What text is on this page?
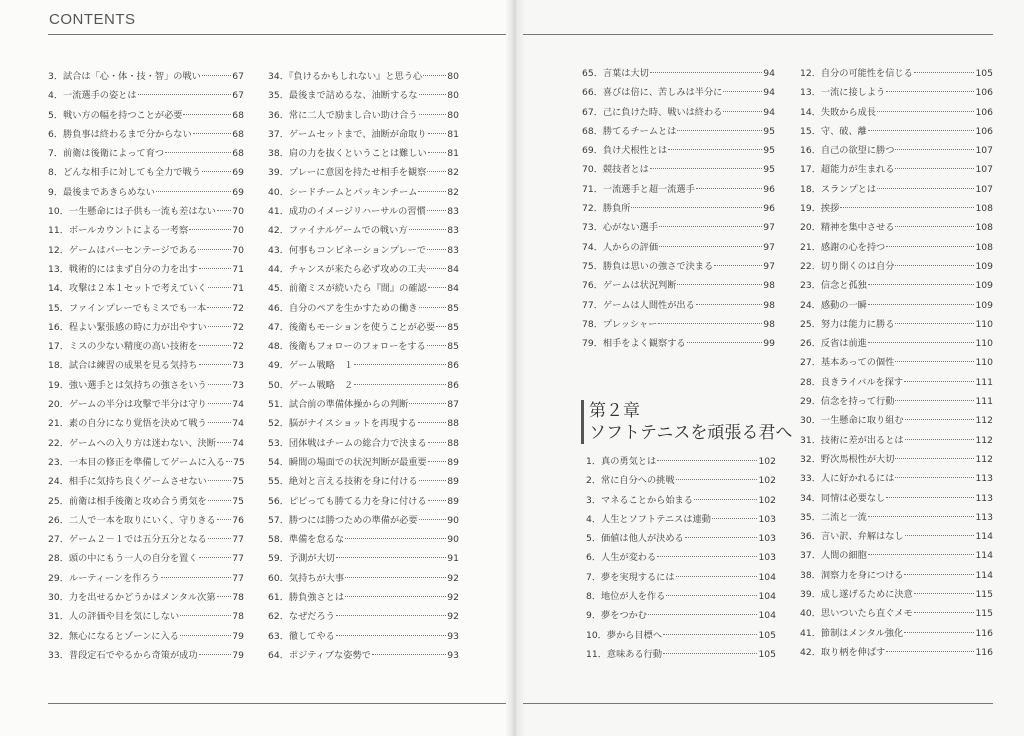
CONTENTS
3．試合は「心・体・技・智」の戦い	67
4．一流選手の姿とは	67
5．戦い方の幅を持つことが必要	68
6．勝負事は終わるまで分からない	68
7．前衛は後衛によって育つ	68
8．どんな相手に対しても全力で戦う	69
9．最後まであきらめない	69
10．一生懸命には子供も一流も差はない 70
11．ボールカウントによる一考察	70
12．ゲームはパーセンテージである	70
13．戦術的にはまず自分の力を出す	71
14．攻撃は２本１セットで考えていく	71
15．ファインプレーでもミスでも一本	72
16．程よい緊張感の時に力が出やすい	72
17．ミスの少ない精度の高い技術を	72
18．試合は練習の成果を見る気持ち	73
19．強い選手とは気持ちの強さをいう	73
20．ゲームの半分は攻撃で半分は守り	74
21．素の自分になり覚悟を決めて戦う	74
22．ゲームへの入り方は迷わない、決断 74
23．一本目の修正を準備してゲームに入る 75
24．相手に気持ち良くゲームさせない	75
25．前衛は相手後衛と攻め合う勇気を	75
26．二人で一本を取りにいく、守りきる 76
27．ゲーム２－１では五分五分となる	77
28．頭の中にもう一人の自分を置く	77
29．ルーティーンを作ろう	77
30．力を出せるかどうかはメンタル次第 78
31．人の評価や目を気にしない	78
32．無心になるとゾーンに入る	79
33．普段定石でやるから奇策が成功	79
34．『負けるかもしれない』と思う心	80
35．最後まで詰めるな、油断するな	80
36．常に二人で励まし合い助け合う	80
37．ゲームセットまで、油断が命取り 81
38．肩の力を抜くということは難しい 81
39．プレーに意図を持たせ相手を観察 82
40．シードチームとパッキンチーム	82
41．成功のイメージリハーサルの習慣 83
42．ファイナルゲームでの戦い方	83
43．何事もコンビネーションプレーで 83
44．チャンスが来たら必ず攻めの工夫 84
45．前衛ミスが続いたら『間』の確認 84
46．自分のペアを生かすための働き	85
47．後衛もモーションを使うことが必要 85
48．後衛もフォローのフォローをする 85
49．ゲーム戦略　１	86
50．ゲーム戦略　２	86
51．試合前の準備体操からの判断	87
52．脳がナイスショットを再現する	88
53．団体戦はチームの総合力で決まる 88
54．瞬間の場面での状況判断が最重要 89
55．絶対と言える技術を身に付ける	89
56．ピピっても勝てる力を身に付ける 89
57．勝つには勝つための準備が必要	90
58．準備を怠るな	90
59．予測が大切	91
60．気持ちが大事	92
61．勝負強さとは	92
62．なぜだろう	92
63．徹してやる	93
64．ポジティブな姿勢で	93
65．言葉は大切	94
66．喜びは倍に、苦しみは半分に	94
67．己に負けた時、戦いは終わる	94
68．勝てるチームとは	95
69．負け犬根性とは	95
70．競技者とは	95
71．一流選手と超一流選手	96
72．勝負所	96
73．心がない選手	97
74．人からの評価	97
75．勝負は思いの強さで決まる	97
76．ゲームは状況判断	98
77．ゲームは人間性が出る	98
78．プレッシャー	98
79．相手をよく観察する	99
第２章
ソフトテニスを頑張る君へ
1．真の勇気とは	102
2．常に自分への挑戦	102
3．マネることから始まる	102
4．人生とソフトテニスは連動	103
5．価値は他人が決める	103
6．人生が変わる	103
7．夢を実現するには	104
8．地位が人を作る	104
9．夢をつかむ	104
10．夢から目標へ	105
11．意味ある行動	105
12．自分の可能性を信じる	105
13．一流に接しよう	106
14．失敗から成長	106
15．守、破、離	106
16．自己の欲望に勝つ	107
17．超能力が生まれる	107
18．スランプとは	107
19．挨拶	108
20．精神を集中させる	108
21．感謝の心を持つ	108
22．切り開くのは自分	109
23．信念と孤独	109
24．感動の一瞬	109
25．努力は能力に勝る	110
26．反省は前進	110
27．基本あっての個性	110
28．良きライバルを探す	111
29．信念を持って行動	111
30．一生懸命に取り組む	112
31．技術に差が出るとは	112
32．野次馬根性が大切	112
33．人に好かれるには	113
34．同情は必要なし	113
35．二流と一流	113
36．言い訳、弁解はなし	114
37．人間の細胞	114
38．洞察力を身につける	114
39．成し遂げるために決意	115
40．思いついたら直ぐメモ	115
41．節制はメンタル強化	116
42．取り柄を伸ばす	116
